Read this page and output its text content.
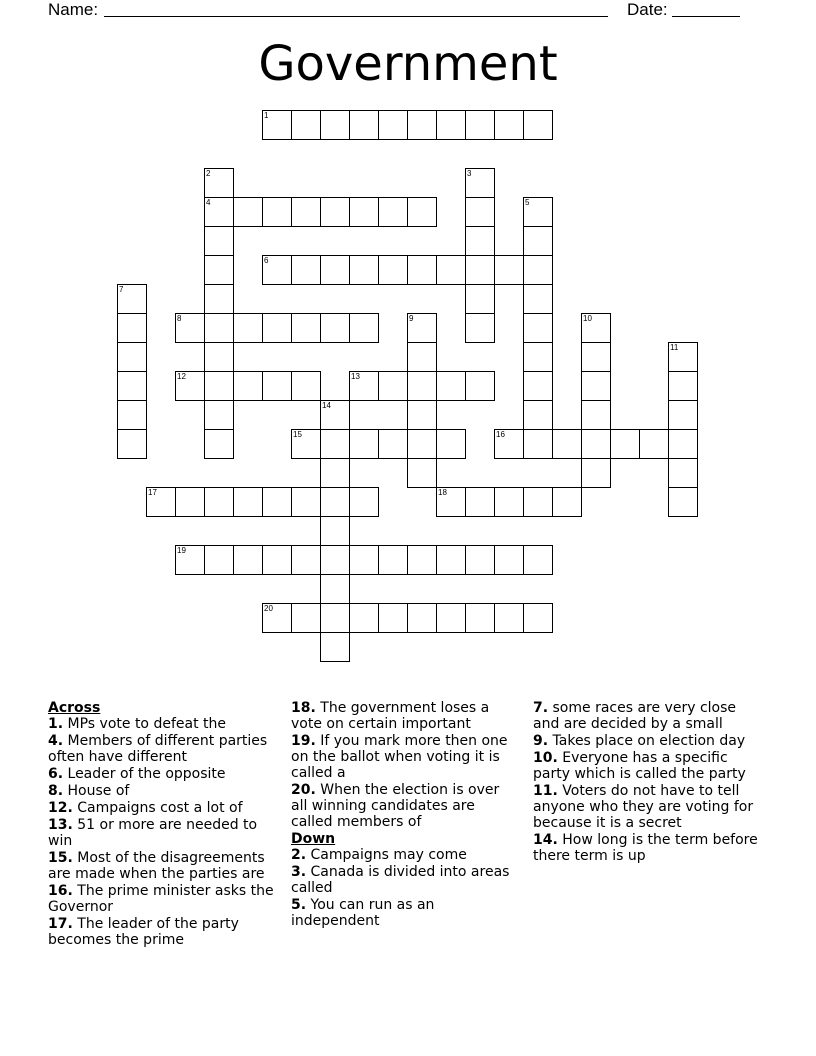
Name:	Date:
Government
1
4
6
8
12	13
15	16
17	18
19
20
2	3
5
7
9	10
11
14
Across
1. MPs vote to defeat the
4. Members of different parties often have different
6. Leader of the opposite
8. House of
12. Campaigns cost a lot of
13. 51 or more are needed to win
15. Most of the disagreements are made when the parties are
16. The prime minister asks the Governor
17. The leader of the party becomes the prime
18. The government loses a vote on certain important
19. If you mark more then one on the ballot when voting it is called a
20. When the election is over all winning candidates are called members of
Down
2. Campaigns may come
3. Canada is divided into areas called
5. You can run as an independent
7. some races are very close and are decided by a small
9. Takes place on election day
10. Everyone has a specific party which is called the party
11. Voters do not have to tell anyone who they are voting for because it is a secret
14. How long is the term before there term is up
